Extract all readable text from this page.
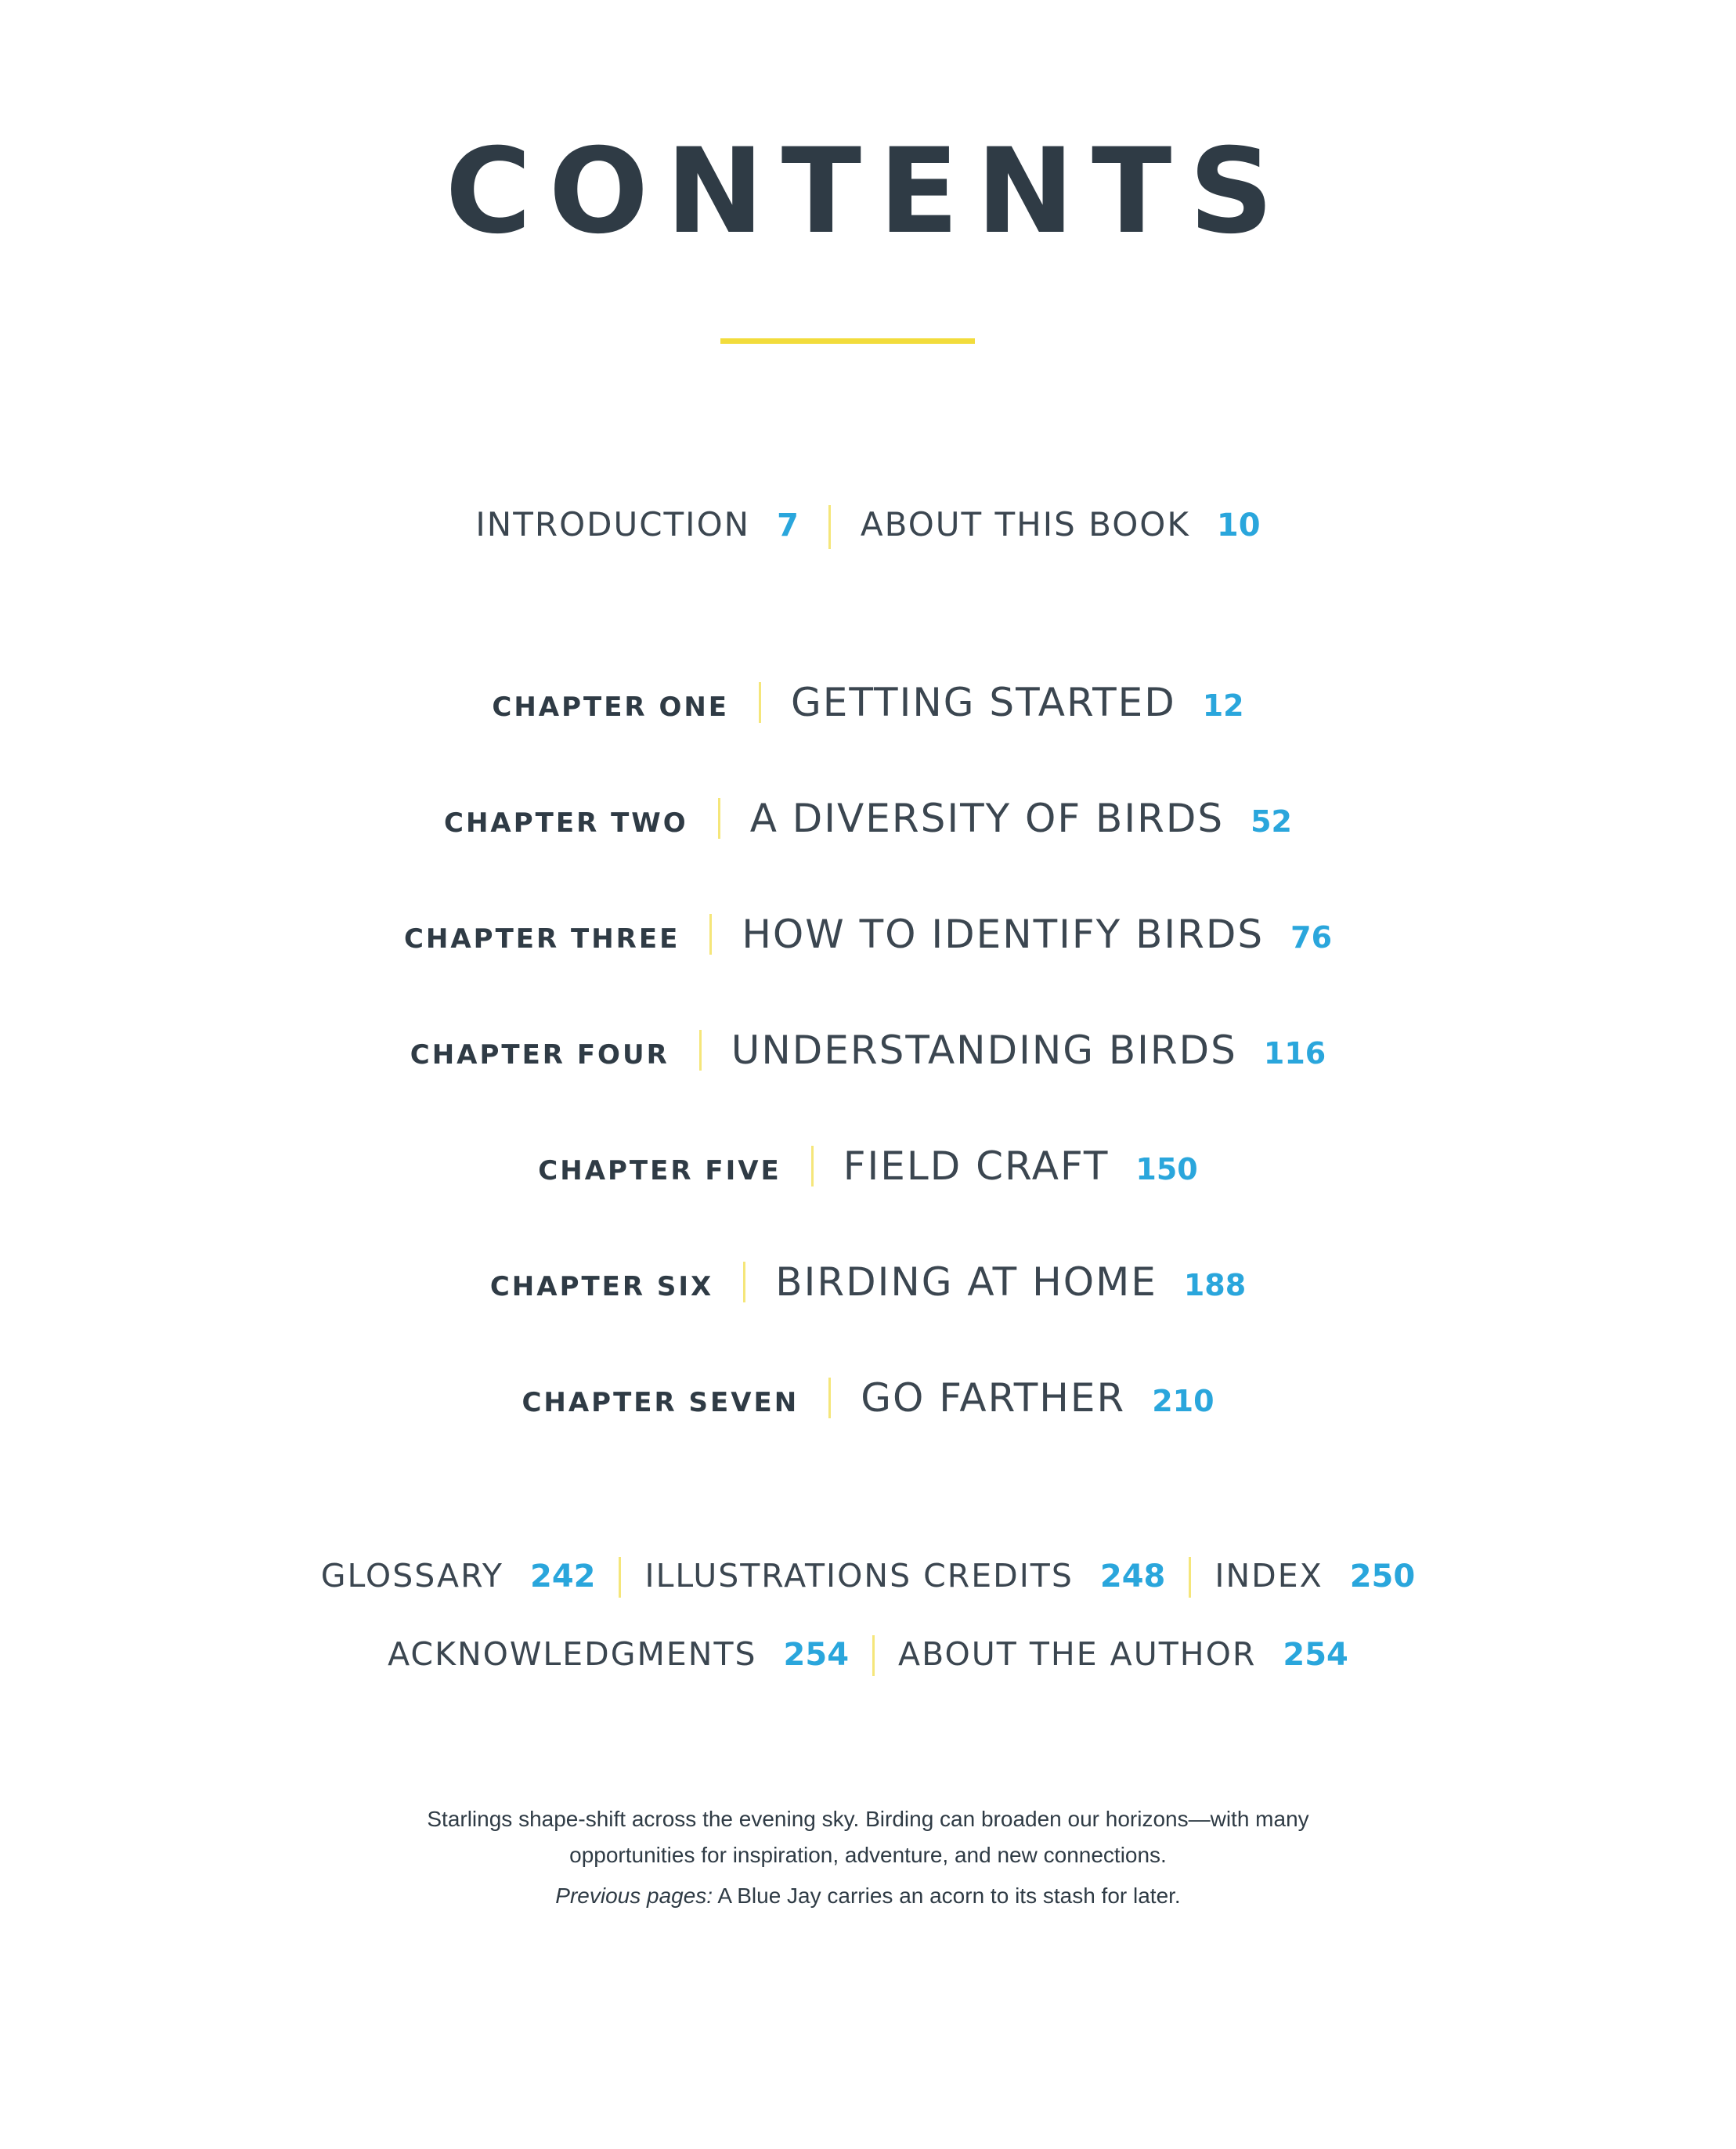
CONTENTS
INTRODUCTION 7 ABOUT THIS BOOK 10
CHAPTER ONE GETTING STARTED 12
CHAPTER TWO A DIVERSITY OF BIRDS 52
CHAPTER THREE HOW TO IDENTIFY BIRDS 76
CHAPTER FOUR UNDERSTANDING BIRDS 116
CHAPTER FIVE FIELD CRAFT 150
CHAPTER SIX BIRDING AT HOME 188
CHAPTER SEVEN GO FARTHER 210
GLOSSARY 242 ILLUSTRATIONS CREDITS 248 INDEX 250
ACKNOWLEDGMENTS 254 ABOUT THE AUTHOR 254
Starlings shape-shift across the evening sky. Birding can broaden our horizons—with many
opportunities for inspiration, adventure, and new connections.
Previous pages: A Blue Jay carries an acorn to its stash for later.
